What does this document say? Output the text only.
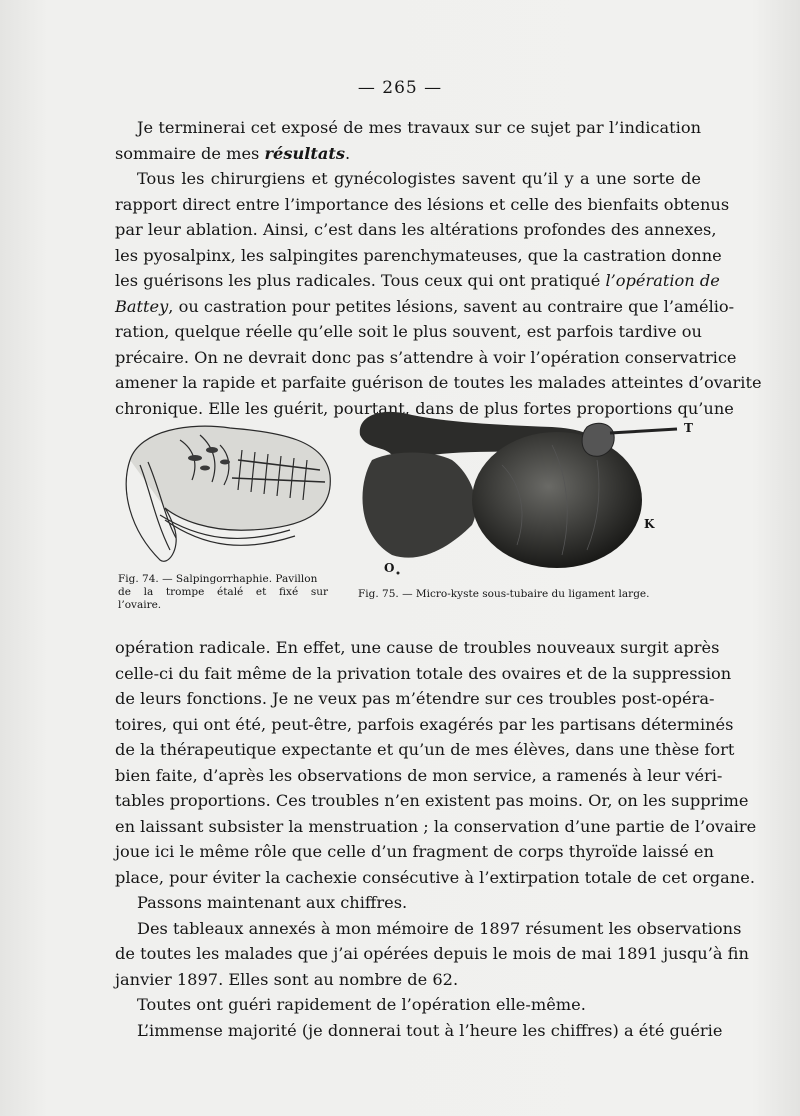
— 265 —
Je terminerai cet exposé de mes travaux sur ce sujet par l’indication
sommaire de mes résultats.
Tous les chirurgiens et gynécologistes savent qu’il y a une sorte de
rapport direct entre l’importance des lésions et celle des bienfaits obtenus
par leur ablation. Ainsi, c’est dans les altérations profondes des annexes,
les pyosalpinx, les salpingites parenchymateuses, que la castration donne
les guérisons les plus radicales. Tous ceux qui ont pratiqué l’opération de
Battey, ou castration pour petites lésions, savent au contraire que l’amélio-
ration, quelque réelle qu’elle soit le plus souvent, est parfois tardive ou
précaire. On ne devrait donc pas s’attendre à voir l’opération conservatrice
amener la rapide et parfaite guérison de toutes les malades atteintes d’ovarite
chronique. Elle les guérit, pourtant, dans de plus fortes proportions qu’une
Fig. 74. — Salpingorrhaphie. Pavillon
de la trompe étalé et fixé sur
l’ovaire.
T
K
O
Fig. 75. — Micro-kyste sous-tubaire du ligament large.
opération radicale. En effet, une cause de troubles nouveaux surgit après
celle-ci du fait même de la privation totale des ovaires et de la suppression
de leurs fonctions. Je ne veux pas m’étendre sur ces troubles post-opéra-
toires, qui ont été, peut-être, parfois exagérés par les partisans déterminés
de la thérapeutique expectante et qu’un de mes élèves, dans une thèse fort
bien faite, d’après les observations de mon service, a ramenés à leur véri-
tables proportions. Ces troubles n’en existent pas moins. Or, on les supprime
en laissant subsister la menstruation ; la conservation d’une partie de l’ovaire
joue ici le même rôle que celle d’un fragment de corps thyroïde laissé en
place, pour éviter la cachexie consécutive à l’extirpation totale de cet organe.
Passons maintenant aux chiffres.
Des tableaux annexés à mon mémoire de 1897 résument les observations
de toutes les malades que j’ai opérées depuis le mois de mai 1891 jusqu’à fin
janvier 1897. Elles sont au nombre de 62.
Toutes ont guéri rapidement de l’opération elle-même.
L’immense majorité (je donnerai tout à l’heure les chiffres) a été guérie
